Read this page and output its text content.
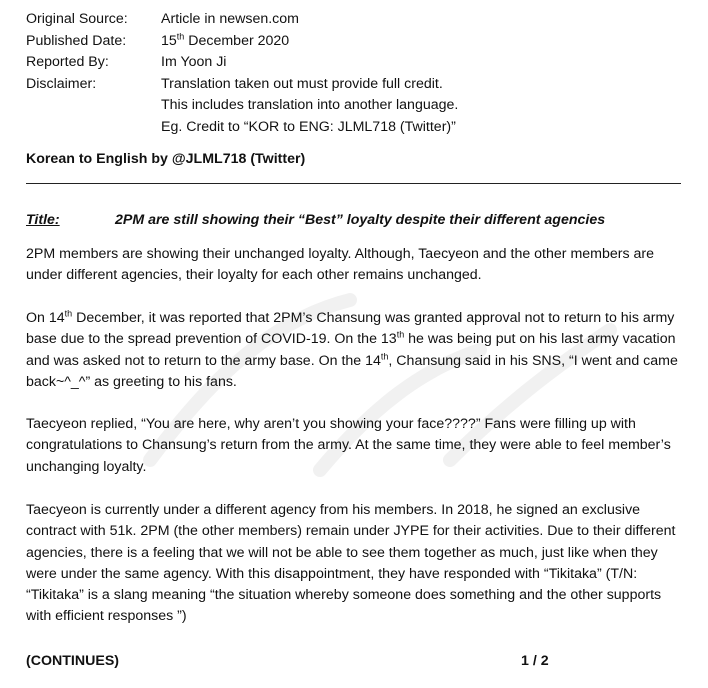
Original Source:	Article in newsen.com
Published Date:	15th December 2020
Reported By:	Im Yoon Ji
Disclaimer:	Translation taken out must provide full credit.
This includes translation into another language.
Eg. Credit to “KOR to ENG: JLML718 (Twitter)”
Korean to English by @JLML718 (Twitter)
Title:	2PM are still showing their “Best” loyalty despite their different agencies
2PM members are showing their unchanged loyalty. Although, Taecyeon and the other members are under different agencies, their loyalty for each other remains unchanged.
On 14th December, it was reported that 2PM’s Chansung was granted approval not to return to his army base due to the spread prevention of COVID-19. On the 13th he was being put on his last army vacation and was asked not to return to the army base. On the 14th, Chansung said in his SNS, “I went and came back~^_^” as greeting to his fans.
Taecyeon replied, “You are here, why aren’t you showing your face????” Fans were filling up with congratulations to Chansung’s return from the army. At the same time, they were able to feel member’s unchanging loyalty.
Taecyeon is currently under a different agency from his members. In 2018, he signed an exclusive contract with 51k. 2PM (the other members) remain under JYPE for their activities. Due to their different agencies, there is a feeling that we will not be able to see them together as much, just like when they were under the same agency. With this disappointment, they have responded with “Tikitaka” (T/N: “Tikitaka” is a slang meaning “the situation whereby someone does something and the other supports with efficient responses ”)
(CONTINUES)	1 / 2
